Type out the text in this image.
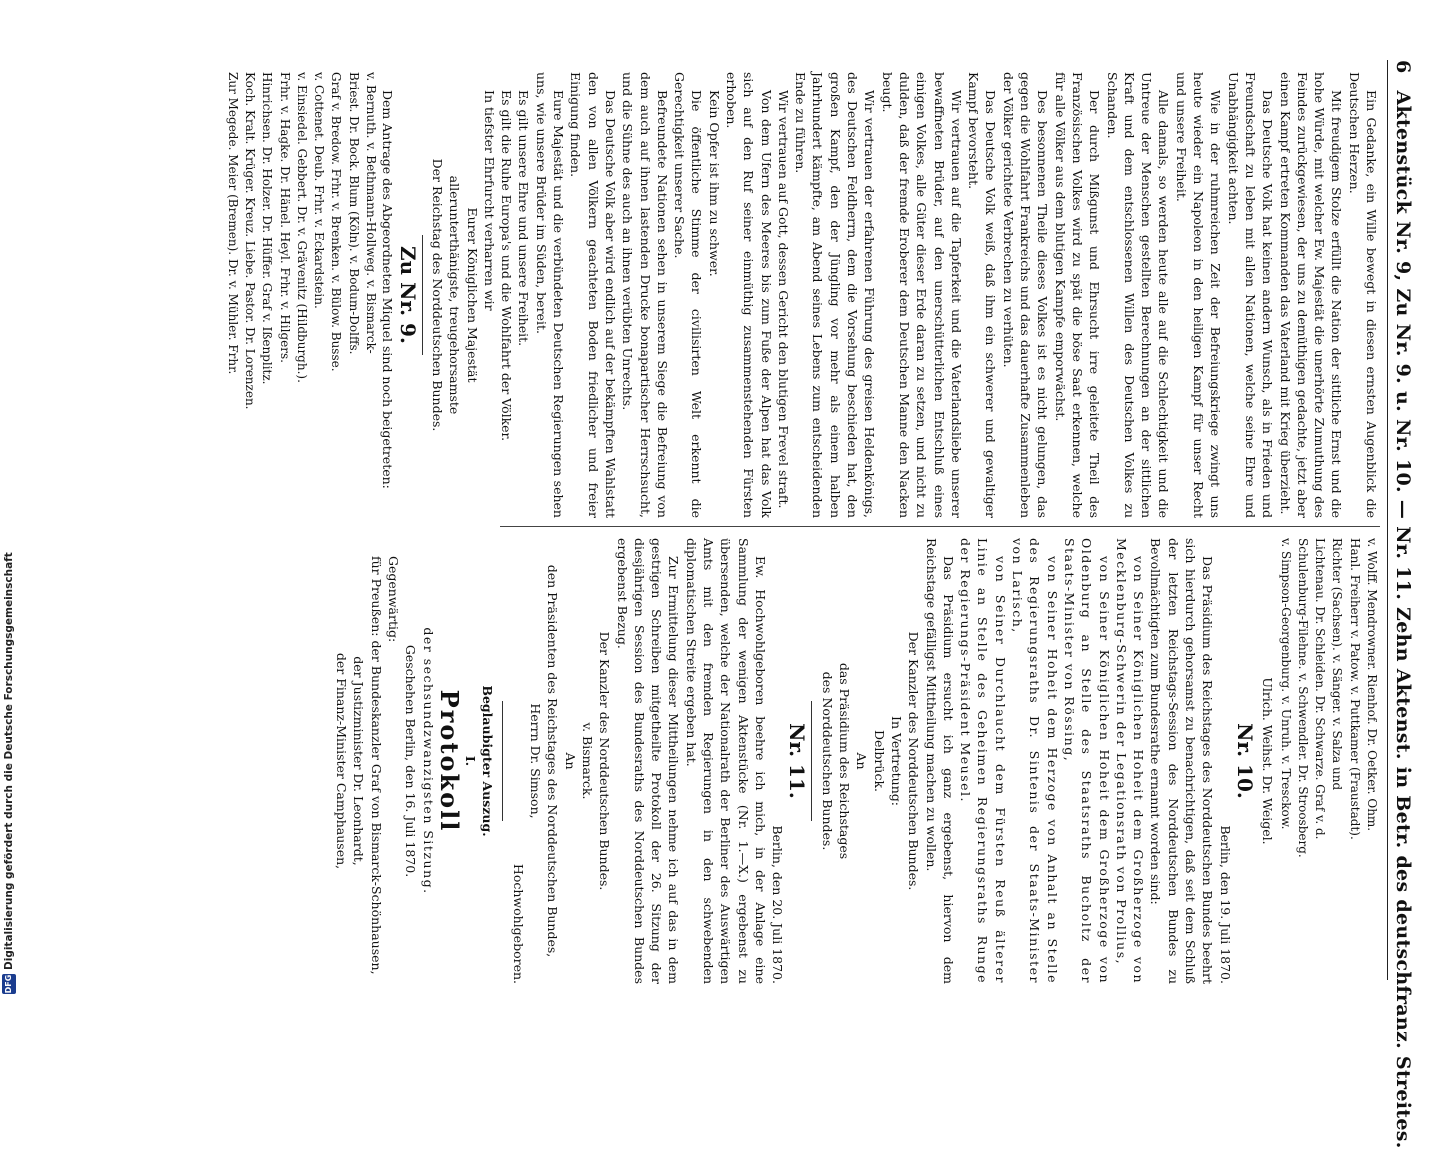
6 Aktenstück Nr. 9, Zu Nr. 9. u. Nr. 10. — Nr. 11. Zehn Aktenst. in Betr. des deutschfranz. Streites.

Ein Gedanke, ein Wille bewegt in diesen ernsten Augenblick die Deutschen Herzen.

Mit freudigem Stolze erfüllt die Nation der sittliche Ernst und die hohe Würde, mit welcher Ew. Majestät die unerhörte Zumuthung des Feindes zurückgewiesen, der uns zu demüthigen gedachte, jetzt aber einen Kampf ertreten Kommanden das Vaterland mit Krieg überzieht.

Das Deutsche Volk hat keinen andern Wunsch, als in Frieden und Freundschaft zu leben mit allen Nationen, welche seine Ehre und Unabhängigkeit achten.

Wie in der ruhmreichen Zeit der Befreiungskriege zwingt uns heute wieder ein Napoleon in den heiligen Kampf für unser Recht und unsere Freiheit.

Alle damals, so werden heute alle auf die Schlechtigkeit und die Untreue der Menschen gestellten Berechnungen an der sittlichen Kraft und dem entschlossenen Willen des Deutschen Volkes zu Schanden.

Der durch Mißgunst und Ehrsucht irre geleitete Theil des Französischen Volkes wird zu spät die böse Saat erkennen, welche für alle Völker aus dem blutigen Kampfe emporwächst.

Des besonnenen Theile dieses Volkes ist es nicht gelungen, das gegen die Wohlfahrt Frankreichs und das dauerhafte Zusammenleben der Völker gerichtete Verbrechen zu verhüten.

Das Deutsche Volk weiß, daß ihm ein schwerer und gewaltiger Kampf bevorsteht.

Wir vertrauen auf die Tapferkeit und die Vaterlandsliebe unserer bewaffneten Brüder, auf den unerschütterlichen Entschluß eines einigen Volkes, alle Güter dieser Erde daran zu setzen, und nicht zu dulden, daß der fremde Eroberer dem Deutschen Manne den Nacken beugt.

Wir vertrauen der erfahrenen Führung des greisen Heldenkönigs, des Deutschen Feldherrn, dem die Vorsehung beschieden hat, den großen Kampf, den der Jüngling vor mehr als einem halben Jahrhundert kämpfte, am Abend seines Lebens zum entscheidenden Ende zu führen.

Wir vertrauen auf Gott, dessen Gericht den blutigen Frevel straft.

Von dem Ufern des Meeres bis zum Fuße der Alpen hat das Volk sich auf den Ruf seiner einmüthig zusammenstehenden Fürsten erhoben.

Kein Opfer ist ihm zu schwer.

Die öffentliche Stimme der civilisirten Welt erkennt die Gerechtigkeit unserer Sache.

Befreundete Nationen sehen in unserem Siege die Befreiung von dem auch auf ihnen lastenden Drucke bonapartischer Herrschsucht, und die Sühne des auch an ihnen verübten Unrechts.

Das Deutsche Volk aber wird endlich auf der bekämpften Wahlstatt den von allen Völkern geachteten Boden friedlicher und freier Einigung finden.

Eure Majestät und die verbündeten Deutschen Regierungen sehen uns, wie unsere Brüder im Süden, bereit.

Es gilt unsere Ehre und unsere Freiheit.

Es gilt die Ruhe Europa's und die Wohlfahrt der Völker.

In tiefster Ehrfurcht verharren wir

Eurer Königlichen Majestät

allerunterthänigste, treugehorsamste

Der Reichstag des Norddeutschen Bundes.

Zu Nr. 9.

Dem Antrage des Abgeordneten Miquel sind noch beigetreten:

v. Bernuth. v. Bethmann-Hollweg. v. Bismarck-

Briest. Dr. Bock. Blum (Köln). v. Bodum-Dolffs.

Graf v. Bredow. Frhr. v. Brenken. v. Bülow. Busse.

v. Cottenet. Deub. Frhr. v. Eckardstein.

v. Einsiedel. Gebbert. Dr. v. Grävenitz (Hildburgh.).

Frhr. v. Hagke. Dr. Hänel. Heyl. Frhr. v. Hilgers.

Hinrichsen. Dr. Holzer. Dr. Hüffer. Graf v. Ißenplitz.

Koch. Kralt. Krüger. Kreuz. Liebe. Pastor. Dr. Lorenzen.

Zur Megede. Meier (Bremen). Dr. v. Mühler. Frhr.

v. Wolff. Mendrowner. Rienhof. Dr. Oetker. Ohm.

Hanl. Freiherr v. Patow. v. Puttkamer (Fraustadt).

Richter (Sachsen). v. Sänger. v. Salza und

Lichtenau. Dr. Schleiden. Dr. Schwarze. Graf v. d.

Schulenburg-Filehne. v. Schwendler. Dr. Stroosberg.

v. Simpson-Georgenburg. v. Unruh. v. Tresckow.

Ulrich. Weihst. Dr. Weigel.

Nr. 10.

Berlin, den 19. Juli 1870.

Das Präsidium des Reichstages des Norddeutschen Bundes beehrt sich hierdurch gehorsamst zu benachrichtigen, daß seit dem Schluß der letzten Reichstags-Session des Norddeutschen Bundes zu Bevollmächtigten zum Bundesrathe ernannt worden sind:

von Seiner Königlichen Hoheit dem Großherzoge von Mecklenburg-Schwerin der Legationsrath von Prollius,

von Seiner Königlichen Hoheit dem Großherzoge von Oldenburg an Stelle des Staatsraths Bucholtz der Staats-Minister von Rössing,

von Seiner Hoheit dem Herzoge von Anhalt an Stelle des Regierungsraths Dr. Sintenis der Staats-Minister von Larisch,

von Seiner Durchlaucht dem Fürsten Reuß älterer Linie an Stelle des Geheimen Regierungsraths Runge der Regierungs-Präsident Meusel.

Das Präsidium ersucht ich ganz ergebenst, hiervon dem Reichstage gefälligst Mittheilung machen zu wollen.

Der Kanzler des Norddeutschen Bundes.

In Vertretung:

Delbrück.

An

das Präsidium des Reichstages

des Norddeutschen Bundes.

Nr. 11.

Berlin, den 20. Juli 1870.

Ew. Hochwohlgeboren beehre ich mich, in der Anlage eine Sammlung der wenigen Aktenstücke (Nr. 1.—X.) ergebenst zu übersenden, welche der Nationalrath der Berliner des Auswärtigen Amts mit den fremden Regierungen in den schwebenden diplomatischen Streite ergeben hat.

Zur Ermittelung dieser Mittheilungen nehme ich auf das in dem gestrigen Schreiben mitgetheilte Protokoll der 26. Sitzung der diesjährigen Session des Bundesraths des Norddeutschen Bundes ergebenst Bezug.

Der Kanzler des Norddeutschen Bundes.

v. Bismarck.

An

den Präsidenten des Reichstages des Norddeutschen Bundes,

Herrn Dr. Simson,

Hochwohlgeboren.

Beglaubigter Auszug.

I.

Protokoll

der sechsundzwanzigsten Sitzung.

Geschehen Berlin, den 16. Juli 1870.

Gegenwärtig:

für Preußen: der Bundeskanzler Graf von Bismarck-Schönhausen,

der Justizminister Dr. Leonhardt,

der Finanz-Minister Camphausen,

Digitalisierung gefördert durch die Deutsche Forschungsgemeinschaft
DFG
